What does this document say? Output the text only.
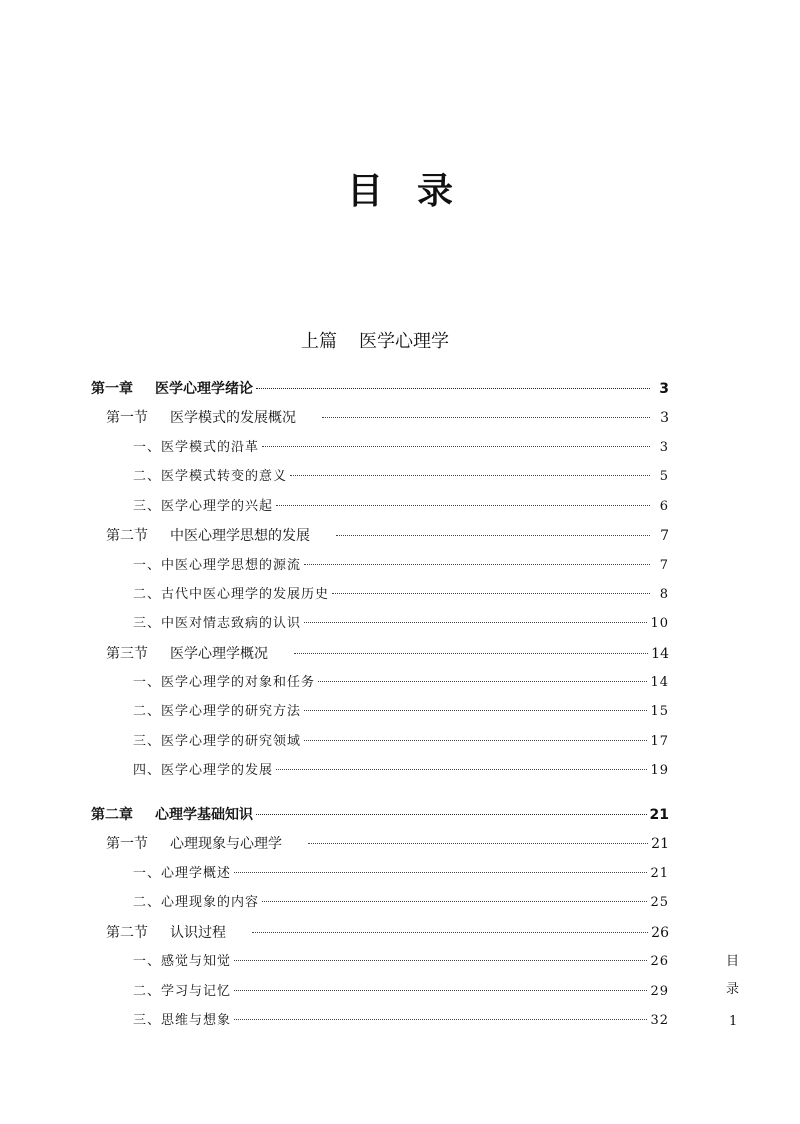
目 录
上篇 医学心理学
第一章 医学心理学绪论	3
第一节 医学模式的发展概况	3
一、医学模式的沿革	3
二、医学模式转变的意义	5
三、医学心理学的兴起	6
第二节 中医心理学思想的发展	7
一、中医心理学思想的源流	7
二、古代中医心理学的发展历史	8
三、中医对情志致病的认识	10
第三节 医学心理学概况	14
一、医学心理学的对象和任务	14
二、医学心理学的研究方法	15
三、医学心理学的研究领域	17
四、医学心理学的发展	19
第二章 心理学基础知识	21
第一节 心理现象与心理学	21
一、心理学概述	21
二、心理现象的内容	25
第二节 认识过程	26
一、感觉与知觉	26
二、学习与记忆	29
三、思维与想象	32
目
录
1
